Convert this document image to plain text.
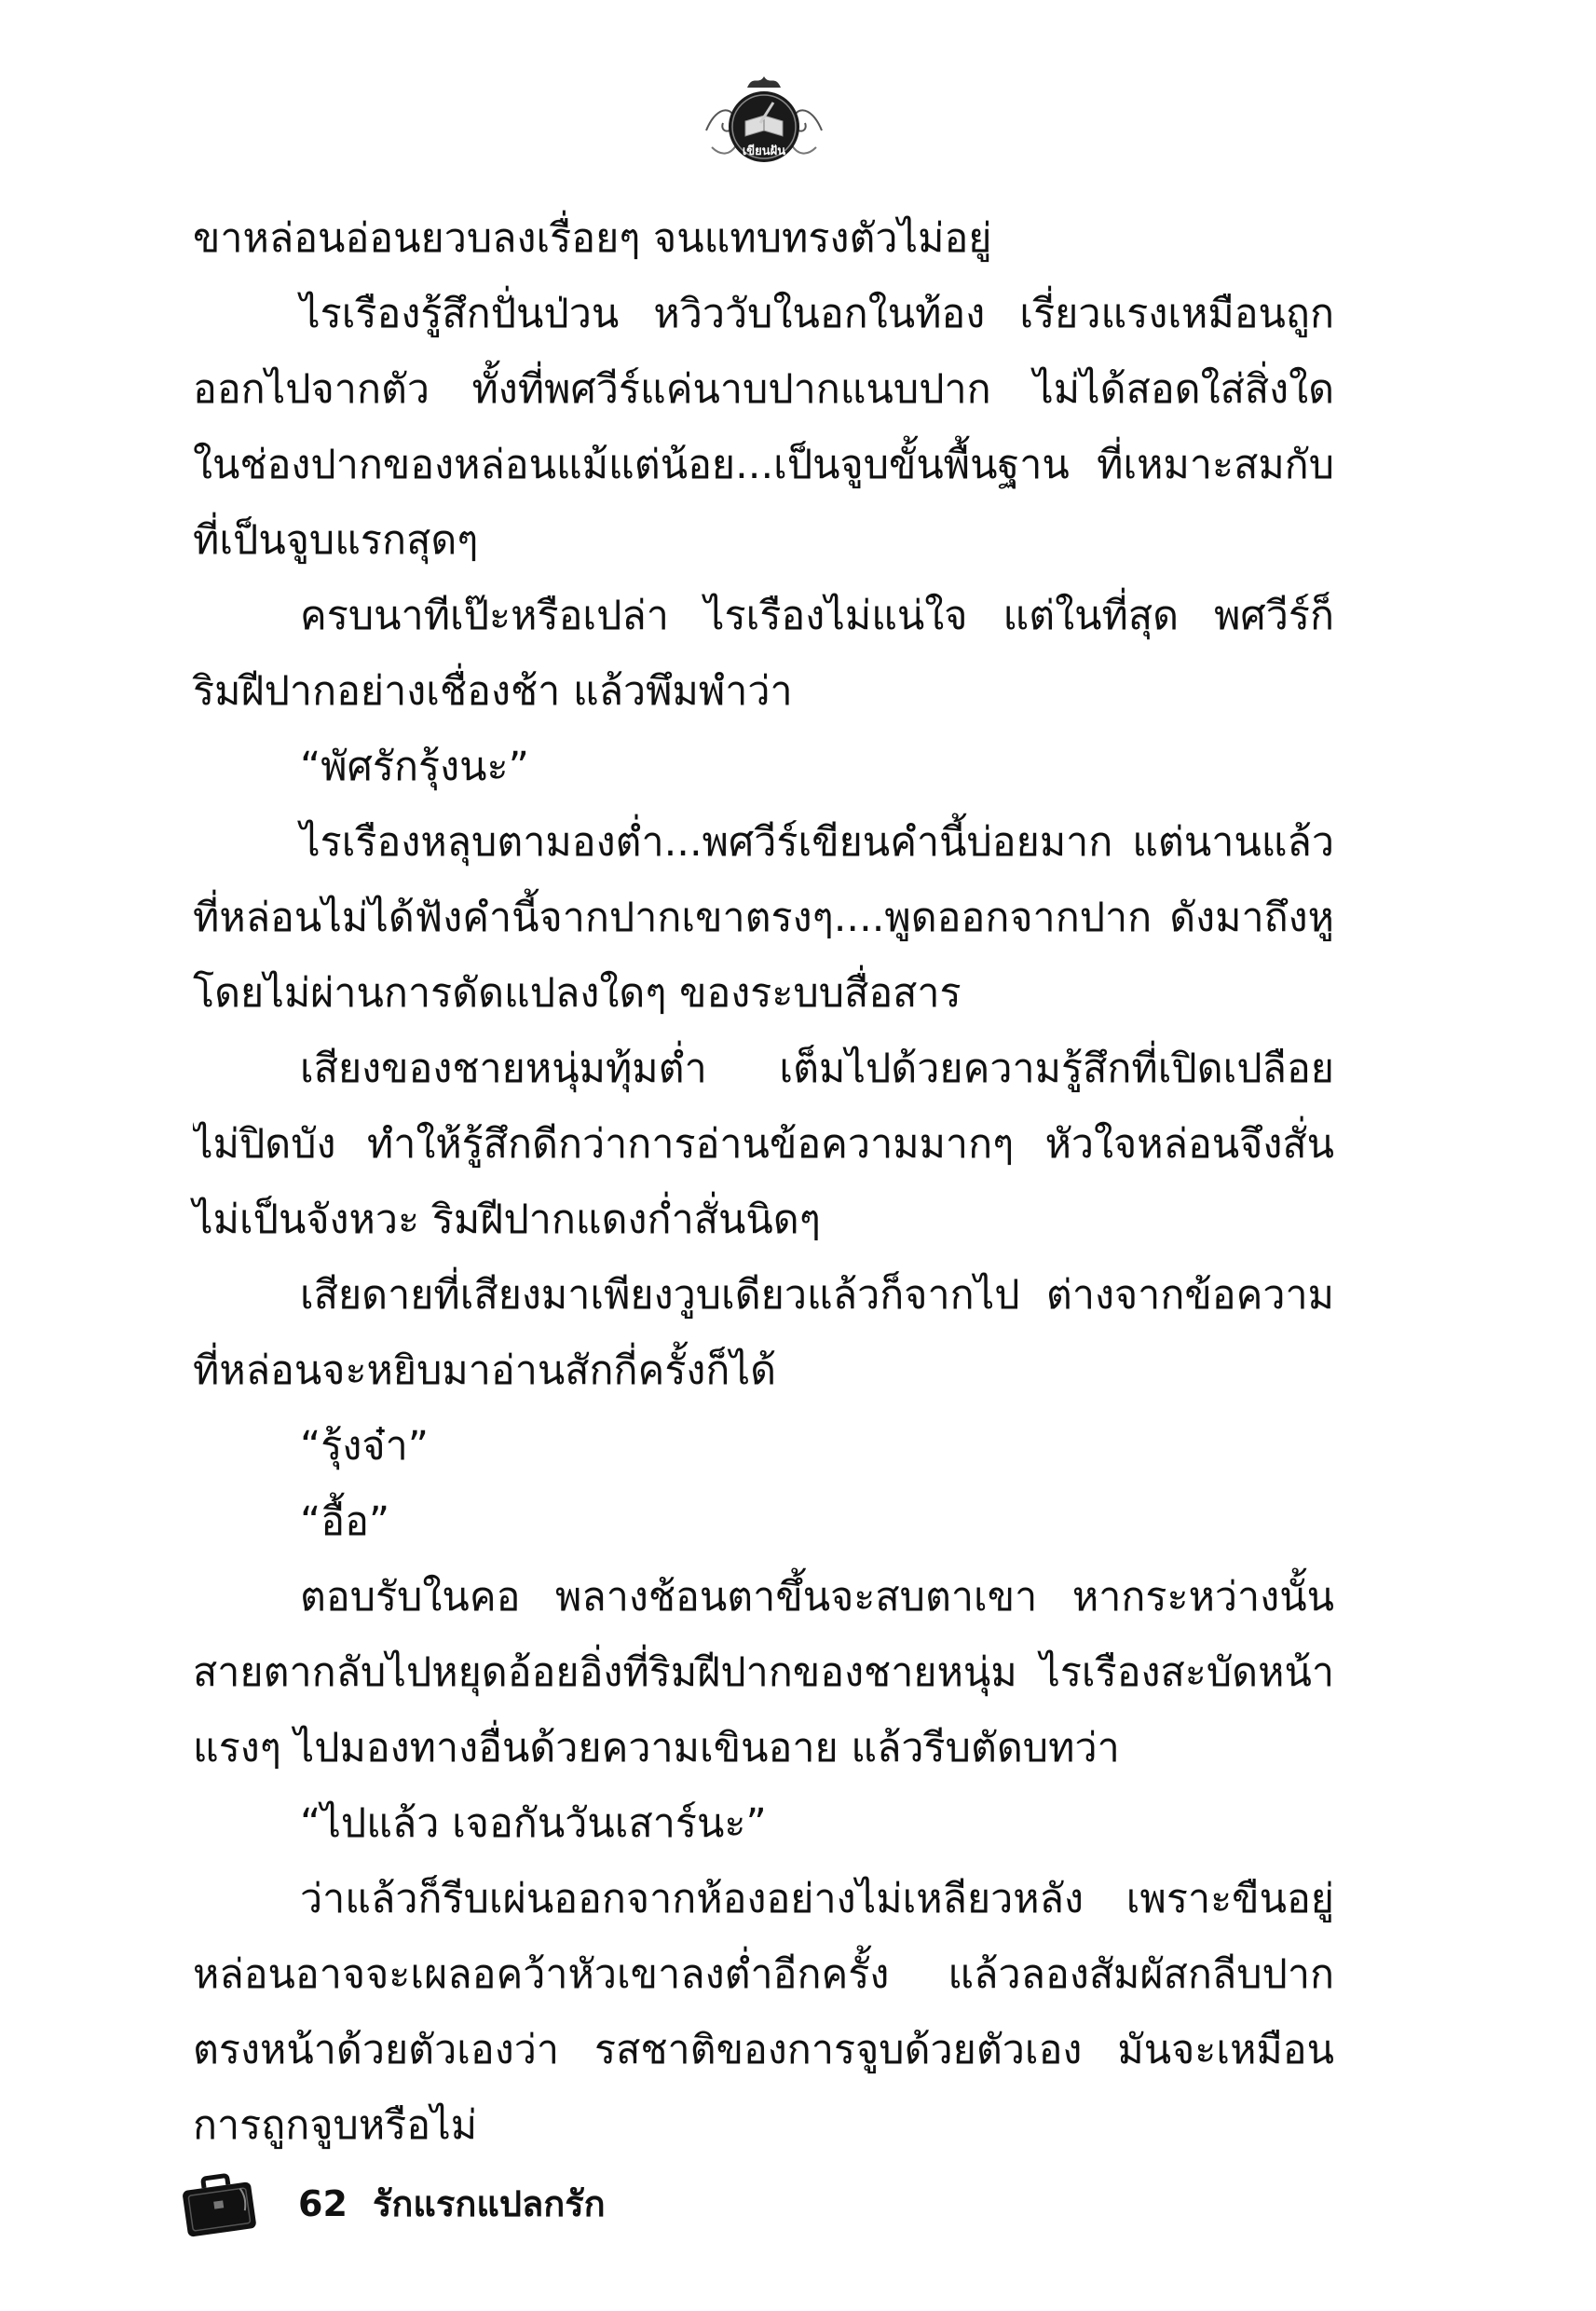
เขียนฝัน
ขาหล่อนอ่อนยวบลงเรื่อยๆ จนแทบทรงตัวไม่อยู่
ไรเรืองรู้สึกปั่นป่วน หวิววับในอกในท้อง เรี่ยวแรงเหมือนถูก
ออกไปจากตัว ทั้งที่พศวีร์แค่นาบปากแนบปาก ไม่ได้สอดใส่สิ่งใด
ในช่องปากของหล่อนแม้แต่น้อย...เป็นจูบขั้นพื้นฐาน ที่เหมาะสมกับ
ที่เป็นจูบแรกสุดๆ
ครบนาทีเป๊ะหรือเปล่า ไรเรืองไม่แน่ใจ แต่ในที่สุด พศวีร์ก็
ริมฝีปากอย่างเชื่องช้า แล้วพึมพำว่า
“พัศรักรุ้งนะ”
ไรเรืองหลุบตามองต่ำ...พศวีร์เขียนคำนี้บ่อยมาก แต่นานแล้ว
ที่หล่อนไม่ได้ฟังคำนี้จากปากเขาตรงๆ....พูดออกจากปาก ดังมาถึงหู
โดยไม่ผ่านการดัดแปลงใดๆ ของระบบสื่อสาร
เสียงของชายหนุ่มทุ้มต่ำ เต็มไปด้วยความรู้สึกที่เปิดเปลือย
ไม่ปิดบัง ทำให้รู้สึกดีกว่าการอ่านข้อความมากๆ หัวใจหล่อนจึงสั่น
ไม่เป็นจังหวะ ริมฝีปากแดงก่ำสั่นนิดๆ
เสียดายที่เสียงมาเพียงวูบเดียวแล้วก็จากไป ต่างจากข้อความ
ที่หล่อนจะหยิบมาอ่านสักกี่ครั้งก็ได้
“รุ้งจ๋า”
“อื้อ”
ตอบรับในคอ พลางช้อนตาขึ้นจะสบตาเขา หากระหว่างนั้น
สายตากลับไปหยุดอ้อยอิ่งที่ริมฝีปากของชายหนุ่ม ไรเรืองสะบัดหน้า
แรงๆ ไปมองทางอื่นด้วยความเขินอาย แล้วรีบตัดบทว่า
“ไปแล้ว เจอกันวันเสาร์นะ”
ว่าแล้วก็รีบเผ่นออกจากห้องอย่างไม่เหลียวหลัง เพราะขืนอยู่
หล่อนอาจจะเผลอคว้าหัวเขาลงต่ำอีกครั้ง แล้วลองสัมผัสกลีบปาก
ตรงหน้าด้วยตัวเองว่า รสชาติของการจูบด้วยตัวเอง มันจะเหมือน
การถูกจูบหรือไม่
62 รักแรกแปลกรัก
